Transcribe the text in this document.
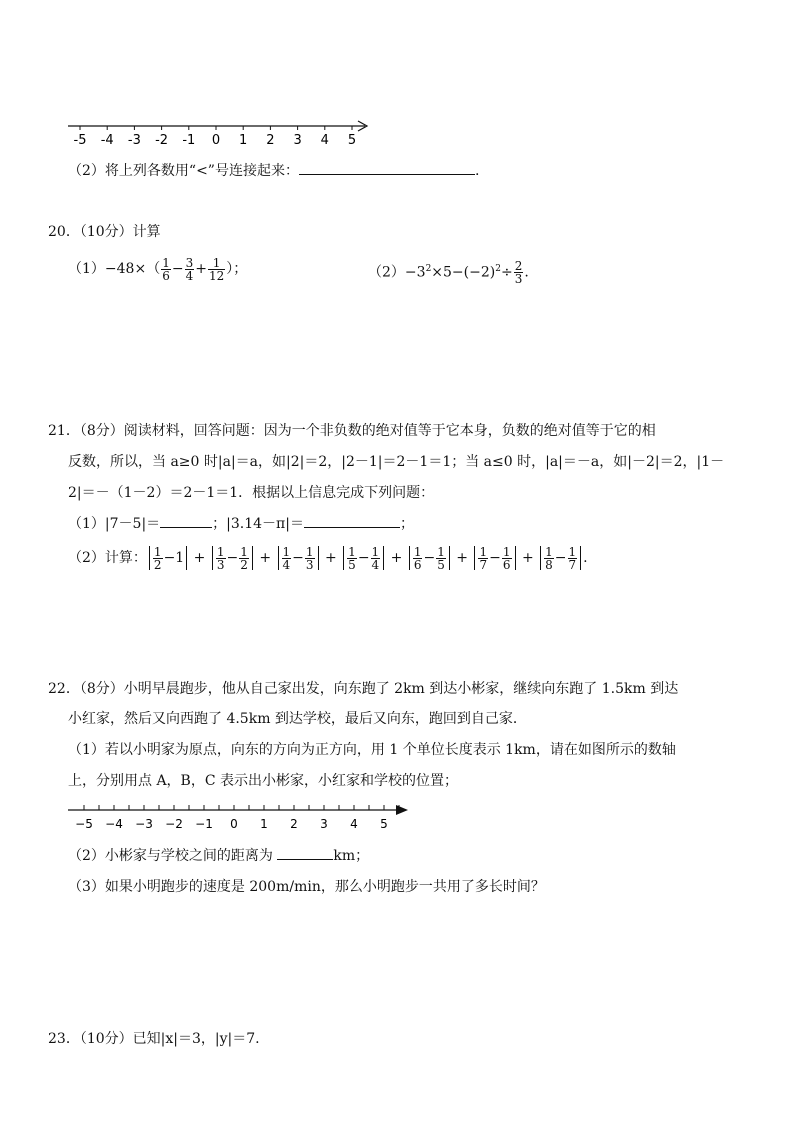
-5 -4 -3 -2 -1 0 1 2 3 4 5
（2）将上列各数用“<”号连接起来：	.
20．（10分）计算
$(1)-48\times( \frac{1}{6} - \frac{3}{4} + \frac{1}{12}$ ）；	$(2)-3^2\times 5-(-2)^2\div \frac{2}{3}$ .
21．（8分）阅读材料，回答问题：因为一个非负数的绝对值等于它本身，负数的绝对值等于它的相
反数，所以，当 a≥0 时|a|＝a，如|2|＝2，|2－1|＝2－1＝1；当 a≤0 时，|a|＝－a，如|－2|＝2，|1－
2|＝－（1－2）＝2－1＝1．根据以上信息完成下列问题：
（1）|7－5|＝	；|3.14－π|＝	；
（2）计算： $\frac{1}{2} -1 + \frac{1}{3} - \frac{1}{2} + \frac{1}{4} - \frac{1}{3} + \frac{1}{5} - \frac{1}{4} + \frac{1}{6} - \frac{1}{5} + \frac{1}{7} - \frac{1}{6} + \frac{1}{8} - \frac{1}{7}$ .
22．（8分）小明早晨跑步，他从自己家出发，向东跑了 2km 到达小彬家，继续向东跑了 1.5km 到达
小红家，然后又向西跑了 4.5km 到达学校，最后又向东，跑回到自己家．
（1）若以小明家为原点，向东的方向为正方向，用 1 个单位长度表示 1km，请在如图所示的数轴
上，分别用点 A，B，C 表示出小彬家，小红家和学校的位置；
−5 −4 −3 −2 −1 0 1 2 3 4 5
（2）小彬家与学校之间的距离为	km；
（3）如果小明跑步的速度是 200m/min，那么小明跑步一共用了多长时间？
23．（10分）已知|x|＝3，|y|＝7.
